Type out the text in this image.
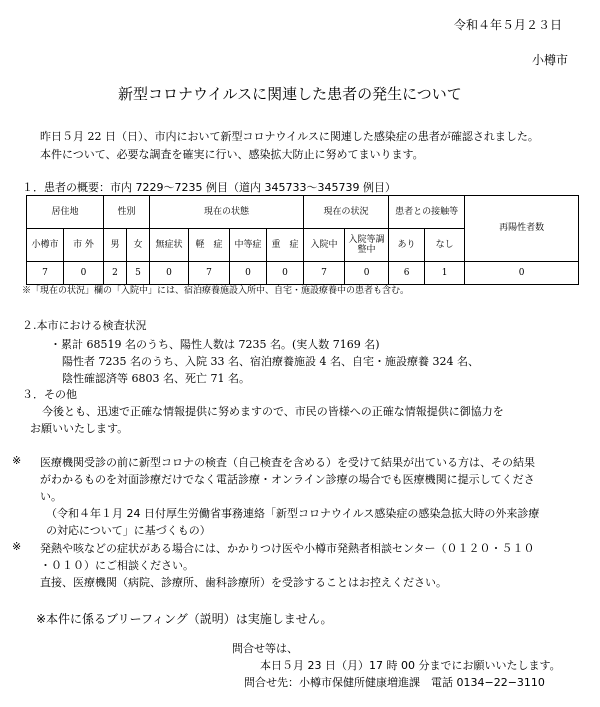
令和４年５月２３日
小樽市
新型コロナウイルスに関連した患者の発生について
昨日５月 22 日（日）、市内において新型コロナウイルスに関連した感染症の患者が確認されました。
本件について、必要な調査を確実に行い、感染拡大防止に努めてまいります。
１．患者の概要：市内 7229〜7235 例目（道内 345733〜345739 例目）
居住地		性別		現在の状態				現在の状況		患者との接触等		再陽性者数
小樽市	市 外	男	女	無症状	軽　症	中等症	重　症	入院中	入院等調整中	あり	なし	
7	0	2	5	0	7	0	0	7	0	6	1	0
※「現在の状況」欄の「入院中」には、宿泊療養施設入所中、自宅・施設療養中の患者も含む。
２.本市における検査状況
・累計 68519 名のうち、陽性人数は 7235 名。(実人数 7169 名)
陽性者 7235 名のうち、入院 33 名、宿泊療養施設 4 名、自宅・施設療養 324 名、
陰性確認済等 6803 名、死亡 71 名。
３．その他
今後とも、迅速で正確な情報提供に努めますので、市民の皆様への正確な情報提供に御協力を
お願いいたします。
※ 医療機関受診の前に新型コロナの検査（自己検査を含める）を受けて結果が出ている方は、その結果
がわかるものを対面診療だけでなく電話診療・オンライン診療の場合でも医療機関に提示してくださ
い。
（令和４年１月 24 日付厚生労働省事務連絡「新型コロナウイルス感染症の感染急拡大時の外来診療
の対応について」に基づくもの）
※ 発熱や咳などの症状がある場合には、かかりつけ医や小樽市発熱者相談センター（０１２０・５１０
・０１０）にご相談ください。
直接、医療機関（病院、診療所、歯科診療所）を受診することはお控えください。
※本件に係るブリーフィング（説明）は実施しません。
問合せ等は、
本日５月 23 日（月）17 時 00 分までにお願いいたします。
問合せ先：小樽市保健所健康増進課　電話 0134−22−3110
